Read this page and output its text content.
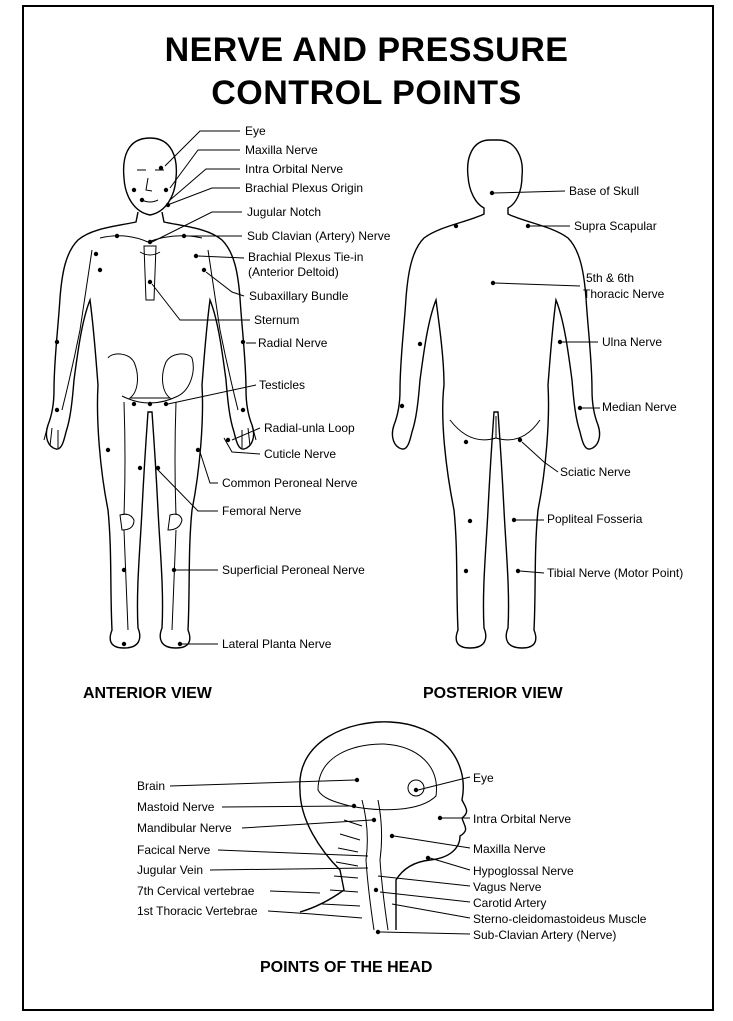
NERVE AND PRESSURE
CONTROL POINTS
Eye
Maxilla Nerve
Intra Orbital Nerve
Brachial Plexus Origin
Jugular Notch
Sub Clavian (Artery) Nerve
Brachial Plexus Tie-in
(Anterior Deltoid)
Subaxillary Bundle
Sternum
Radial Nerve
Testicles
Radial-unla Loop
Cuticle Nerve
Common Peroneal Nerve
Femoral Nerve
Superficial Peroneal Nerve
Lateral Planta Nerve
Base of Skull
Supra Scapular
5th & 6th
Thoracic Nerve
Ulna Nerve
Median Nerve
Sciatic Nerve
Popliteal Fosseria
Tibial Nerve (Motor Point)
ANTERIOR VIEW	POSTERIOR VIEW
Brain
Mastoid Nerve
Mandibular Nerve
Facical Nerve
Jugular Vein
7th Cervical vertebrae
1st Thoracic Vertebrae
Eye
Intra Orbital Nerve
Maxilla Nerve
Hypoglossal Nerve
Vagus Nerve
Carotid Artery
Sterno-cleidomastoideus Muscle
Sub-Clavian Artery (Nerve)
POINTS OF THE HEAD
